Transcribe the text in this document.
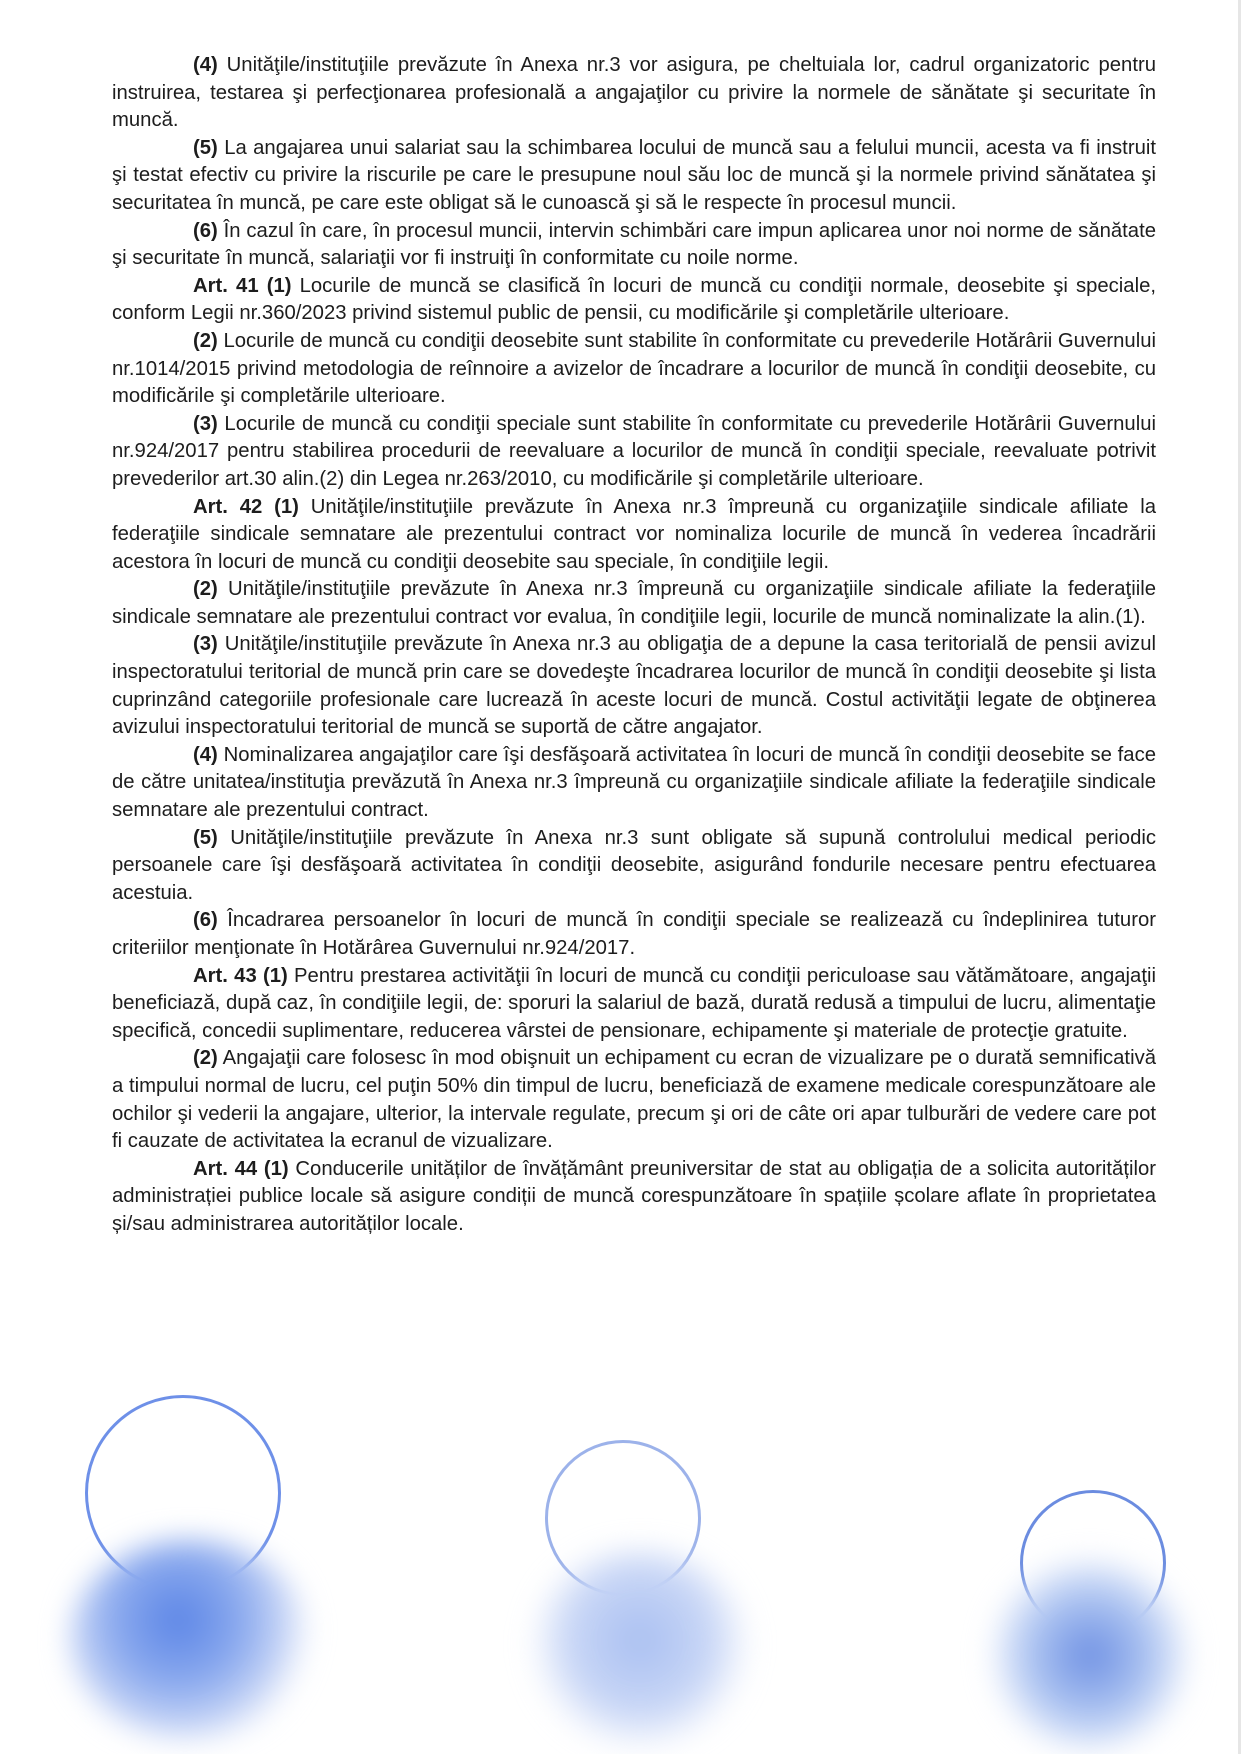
(4) Unităţile/instituţiile prevăzute în Anexa nr.3 vor asigura, pe cheltuiala lor, cadrul organizatoric pentru instruirea, testarea şi perfecţionarea profesională a angajaţilor cu privire la normele de sănătate şi securitate în muncă.

(5) La angajarea unui salariat sau la schimbarea locului de muncă sau a felului muncii, acesta va fi instruit şi testat efectiv cu privire la riscurile pe care le presupune noul său loc de muncă şi la normele privind sănătatea şi securitatea în muncă, pe care este obligat să le cunoască şi să le respecte în procesul muncii.

(6) În cazul în care, în procesul muncii, intervin schimbări care impun aplicarea unor noi norme de sănătate şi securitate în muncă, salariaţii vor fi instruiţi în conformitate cu noile norme.

Art. 41 (1) Locurile de muncă se clasifică în locuri de muncă cu condiţii normale, deosebite şi speciale, conform Legii nr.360/2023 privind sistemul public de pensii, cu modificările şi completările ulterioare.

(2) Locurile de muncă cu condiţii deosebite sunt stabilite în conformitate cu prevederile Hotărârii Guvernului nr.1014/2015 privind metodologia de reînnoire a avizelor de încadrare a locurilor de muncă în condiţii deosebite, cu modificările şi completările ulterioare.

(3) Locurile de muncă cu condiţii speciale sunt stabilite în conformitate cu prevederile Hotărârii Guvernului nr.924/2017 pentru stabilirea procedurii de reevaluare a locurilor de muncă în condiţii speciale, reevaluate potrivit prevederilor art.30 alin.(2) din Legea nr.263/2010, cu modificările şi completările ulterioare.

Art. 42 (1) Unităţile/instituţiile prevăzute în Anexa nr.3 împreună cu organizaţiile sindicale afiliate la federaţiile sindicale semnatare ale prezentului contract vor nominaliza locurile de muncă în vederea încadrării acestora în locuri de muncă cu condiţii deosebite sau speciale, în condiţiile legii.

(2) Unităţile/instituţiile prevăzute în Anexa nr.3 împreună cu organizaţiile sindicale afiliate la federaţiile sindicale semnatare ale prezentului contract vor evalua, în condiţiile legii, locurile de muncă nominalizate la alin.(1).

(3) Unităţile/instituţiile prevăzute în Anexa nr.3 au obligaţia de a depune la casa teritorială de pensii avizul inspectoratului teritorial de muncă prin care se dovedeşte încadrarea locurilor de muncă în condiţii deosebite şi lista cuprinzând categoriile profesionale care lucrează în aceste locuri de muncă. Costul activităţii legate de obţinerea avizului inspectoratului teritorial de muncă se suportă de către angajator.

(4) Nominalizarea angajaţilor care îşi desfăşoară activitatea în locuri de muncă în condiţii deosebite se face de către unitatea/instituţia prevăzută în Anexa nr.3 împreună cu organizaţiile sindicale afiliate la federaţiile sindicale semnatare ale prezentului contract.

(5) Unităţile/instituţiile prevăzute în Anexa nr.3 sunt obligate să supună controlului medical periodic persoanele care îşi desfăşoară activitatea în condiţii deosebite, asigurând fondurile necesare pentru efectuarea acestuia.

(6) Încadrarea persoanelor în locuri de muncă în condiţii speciale se realizează cu îndeplinirea tuturor criteriilor menţionate în Hotărârea Guvernului nr.924/2017.

Art. 43 (1) Pentru prestarea activităţii în locuri de muncă cu condiţii periculoase sau vătămătoare, angajaţii beneficiază, după caz, în condiţiile legii, de: sporuri la salariul de bază, durată redusă a timpului de lucru, alimentaţie specifică, concedii suplimentare, reducerea vârstei de pensionare, echipamente şi materiale de protecţie gratuite.

(2) Angajaţii care folosesc în mod obişnuit un echipament cu ecran de vizualizare pe o durată semnificativă a timpului normal de lucru, cel puţin 50% din timpul de lucru, beneficiază de examene medicale corespunzătoare ale ochilor şi vederii la angajare, ulterior, la intervale regulate, precum şi ori de câte ori apar tulburări de vedere care pot fi cauzate de activitatea la ecranul de vizualizare.

Art. 44 (1) Conducerile unităților de învățământ preuniversitar de stat au obligația de a solicita autorităților administrației publice locale să asigure condiții de muncă corespunzătoare în spațiile școlare aflate în proprietatea și/sau administrarea autorităților locale.
